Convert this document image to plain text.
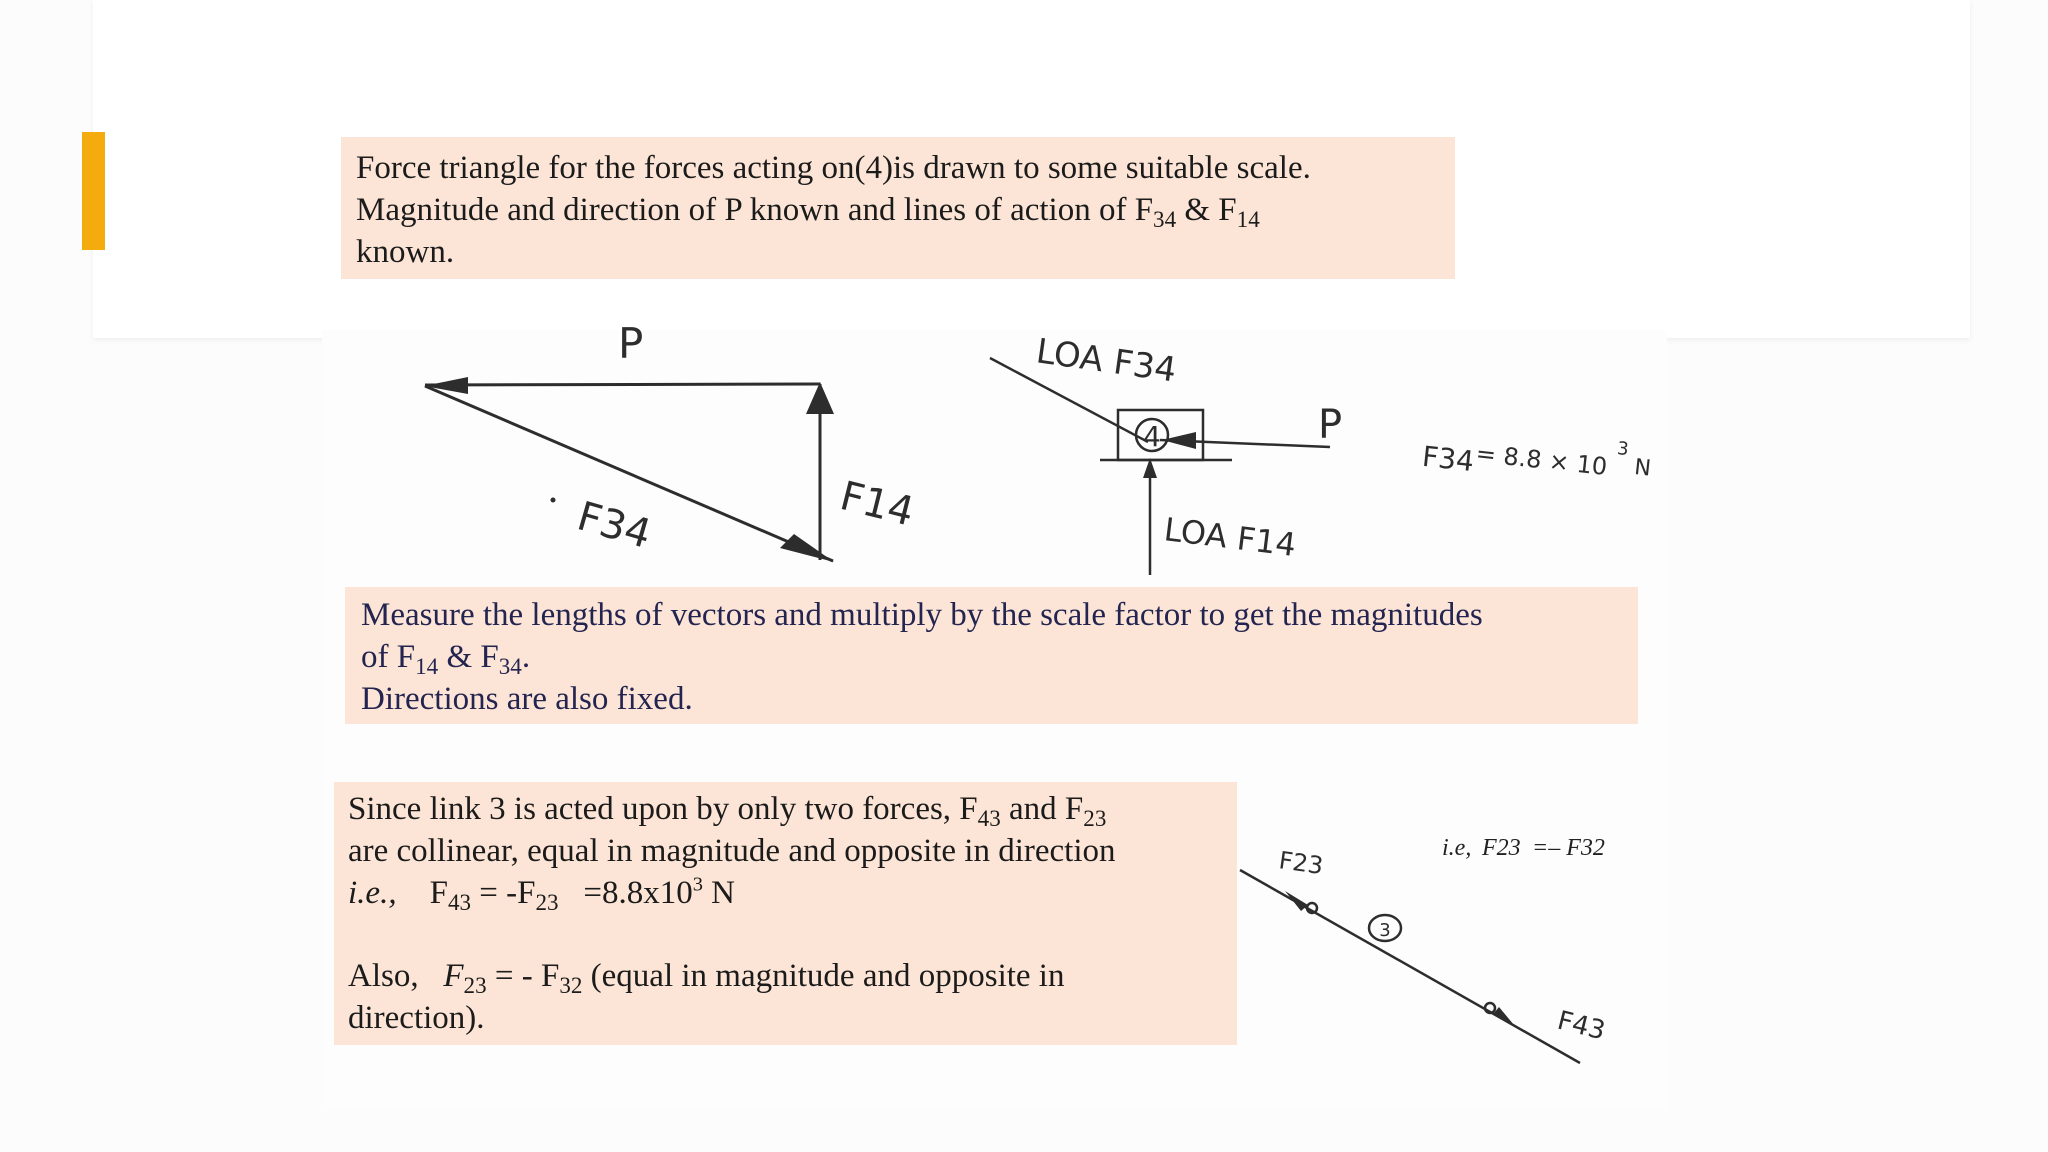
Force triangle for the forces acting on(4)is drawn to some suitable scale.

Magnitude and direction of P known and lines of action of $F_{34}$ & $F_{14}$

known.

Measure the lengths of vectors and multiply by the scale factor to get the magnitudes

of $F_{14}$ & $F_{34}$.

Directions are also fixed.

Since link 3 is acted upon by only two forces, $F_{43}$ and $F_{23}$

are collinear, equal in magnitude and opposite in direction

i.e., $F_{43} = -F_{23} =8.8x10^3$ N

Also, $F_{23}$ = - $F_{32}$ (equal in magnitude and opposite in

direction).

P
F14
F34
4
LOA F34
P
LOA F14
F34
= 8.8 × 10 3
N
3
F23
F43
i.e, F23 =– F32
